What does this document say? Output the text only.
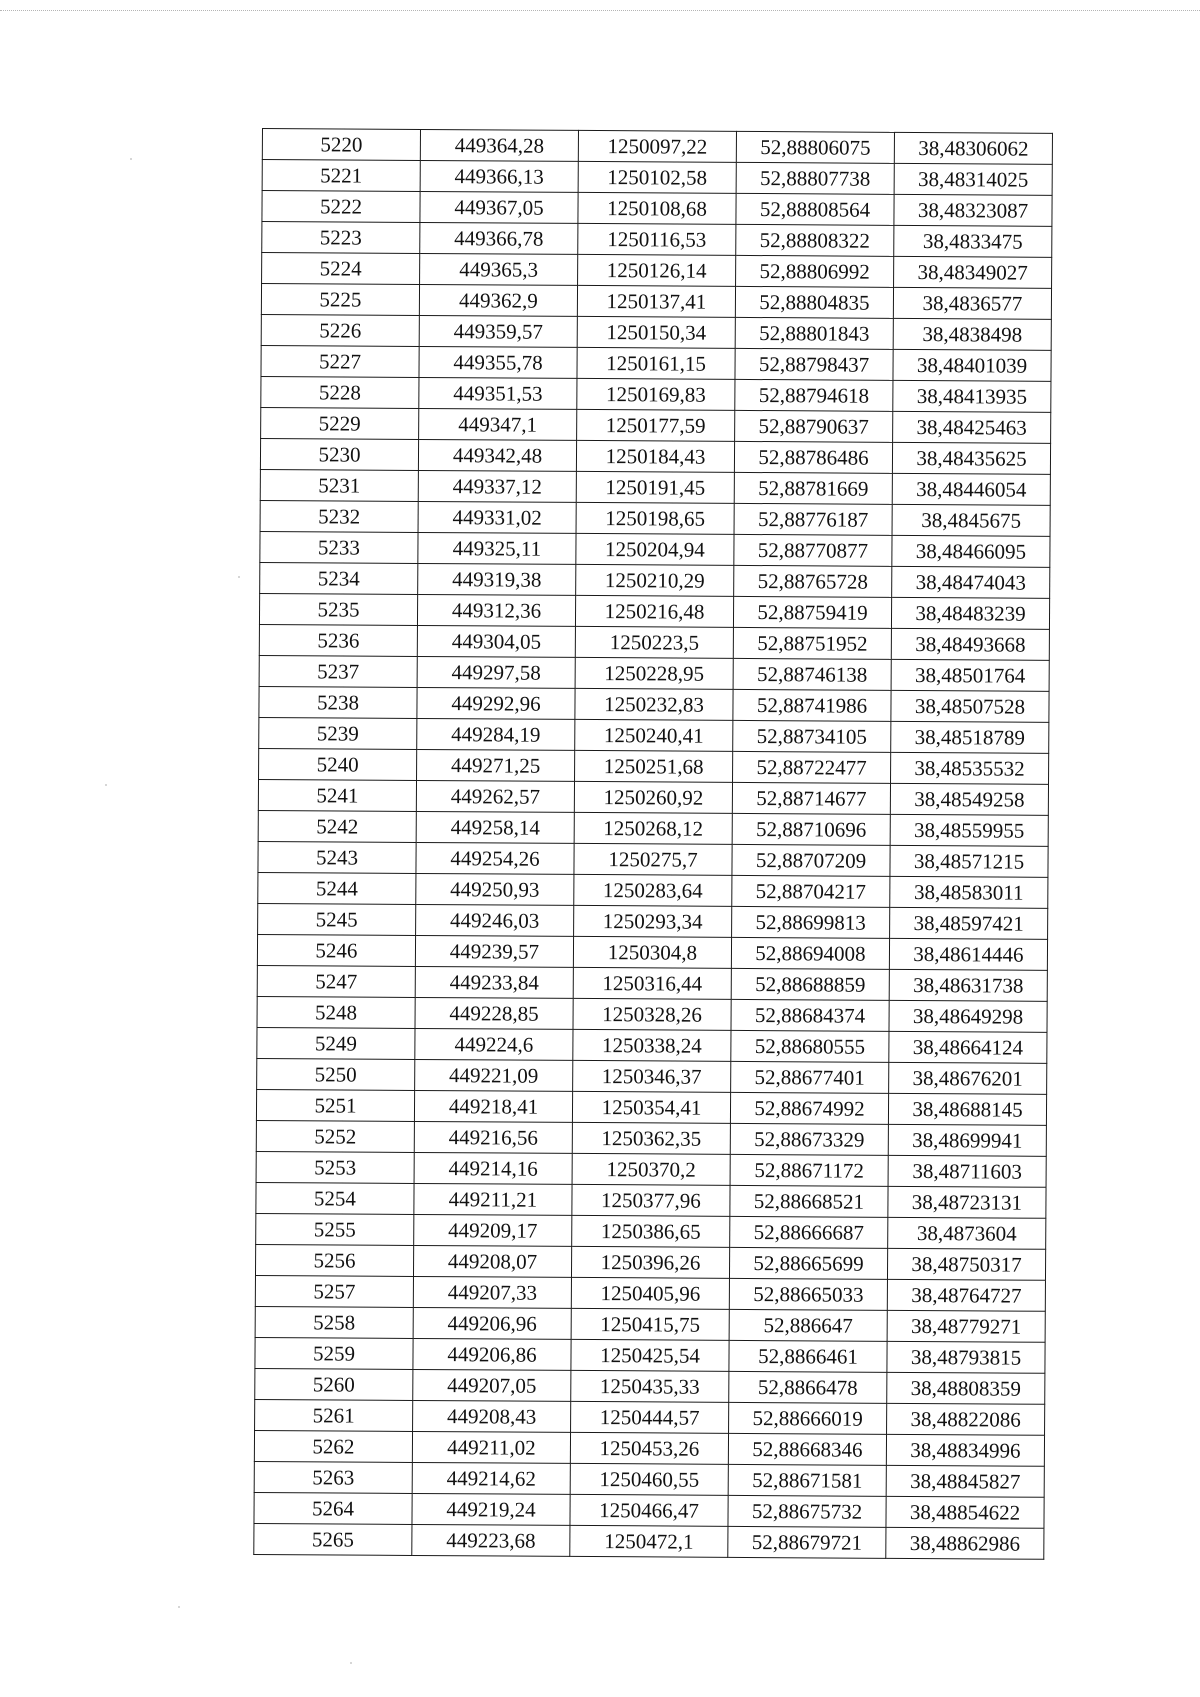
5220	449364,28	1250097,22	52,88806075	38,48306062
5221	449366,13	1250102,58	52,88807738	38,48314025
5222	449367,05	1250108,68	52,88808564	38,48323087
5223	449366,78	1250116,53	52,88808322	38,4833475
5224	449365,3	1250126,14	52,88806992	38,48349027
5225	449362,9	1250137,41	52,88804835	38,4836577
5226	449359,57	1250150,34	52,88801843	38,4838498
5227	449355,78	1250161,15	52,88798437	38,48401039
5228	449351,53	1250169,83	52,88794618	38,48413935
5229	449347,1	1250177,59	52,88790637	38,48425463
5230	449342,48	1250184,43	52,88786486	38,48435625
5231	449337,12	1250191,45	52,88781669	38,48446054
5232	449331,02	1250198,65	52,88776187	38,4845675
5233	449325,11	1250204,94	52,88770877	38,48466095
5234	449319,38	1250210,29	52,88765728	38,48474043
5235	449312,36	1250216,48	52,88759419	38,48483239
5236	449304,05	1250223,5	52,88751952	38,48493668
5237	449297,58	1250228,95	52,88746138	38,48501764
5238	449292,96	1250232,83	52,88741986	38,48507528
5239	449284,19	1250240,41	52,88734105	38,48518789
5240	449271,25	1250251,68	52,88722477	38,48535532
5241	449262,57	1250260,92	52,88714677	38,48549258
5242	449258,14	1250268,12	52,88710696	38,48559955
5243	449254,26	1250275,7	52,88707209	38,48571215
5244	449250,93	1250283,64	52,88704217	38,48583011
5245	449246,03	1250293,34	52,88699813	38,48597421
5246	449239,57	1250304,8	52,88694008	38,48614446
5247	449233,84	1250316,44	52,88688859	38,48631738
5248	449228,85	1250328,26	52,88684374	38,48649298
5249	449224,6	1250338,24	52,88680555	38,48664124
5250	449221,09	1250346,37	52,88677401	38,48676201
5251	449218,41	1250354,41	52,88674992	38,48688145
5252	449216,56	1250362,35	52,88673329	38,48699941
5253	449214,16	1250370,2	52,88671172	38,48711603
5254	449211,21	1250377,96	52,88668521	38,48723131
5255	449209,17	1250386,65	52,88666687	38,4873604
5256	449208,07	1250396,26	52,88665699	38,48750317
5257	449207,33	1250405,96	52,88665033	38,48764727
5258	449206,96	1250415,75	52,886647	38,48779271
5259	449206,86	1250425,54	52,8866461	38,48793815
5260	449207,05	1250435,33	52,8866478	38,48808359
5261	449208,43	1250444,57	52,88666019	38,48822086
5262	449211,02	1250453,26	52,88668346	38,48834996
5263	449214,62	1250460,55	52,88671581	38,48845827
5264	449219,24	1250466,47	52,88675732	38,48854622
5265	449223,68	1250472,1	52,88679721	38,48862986
